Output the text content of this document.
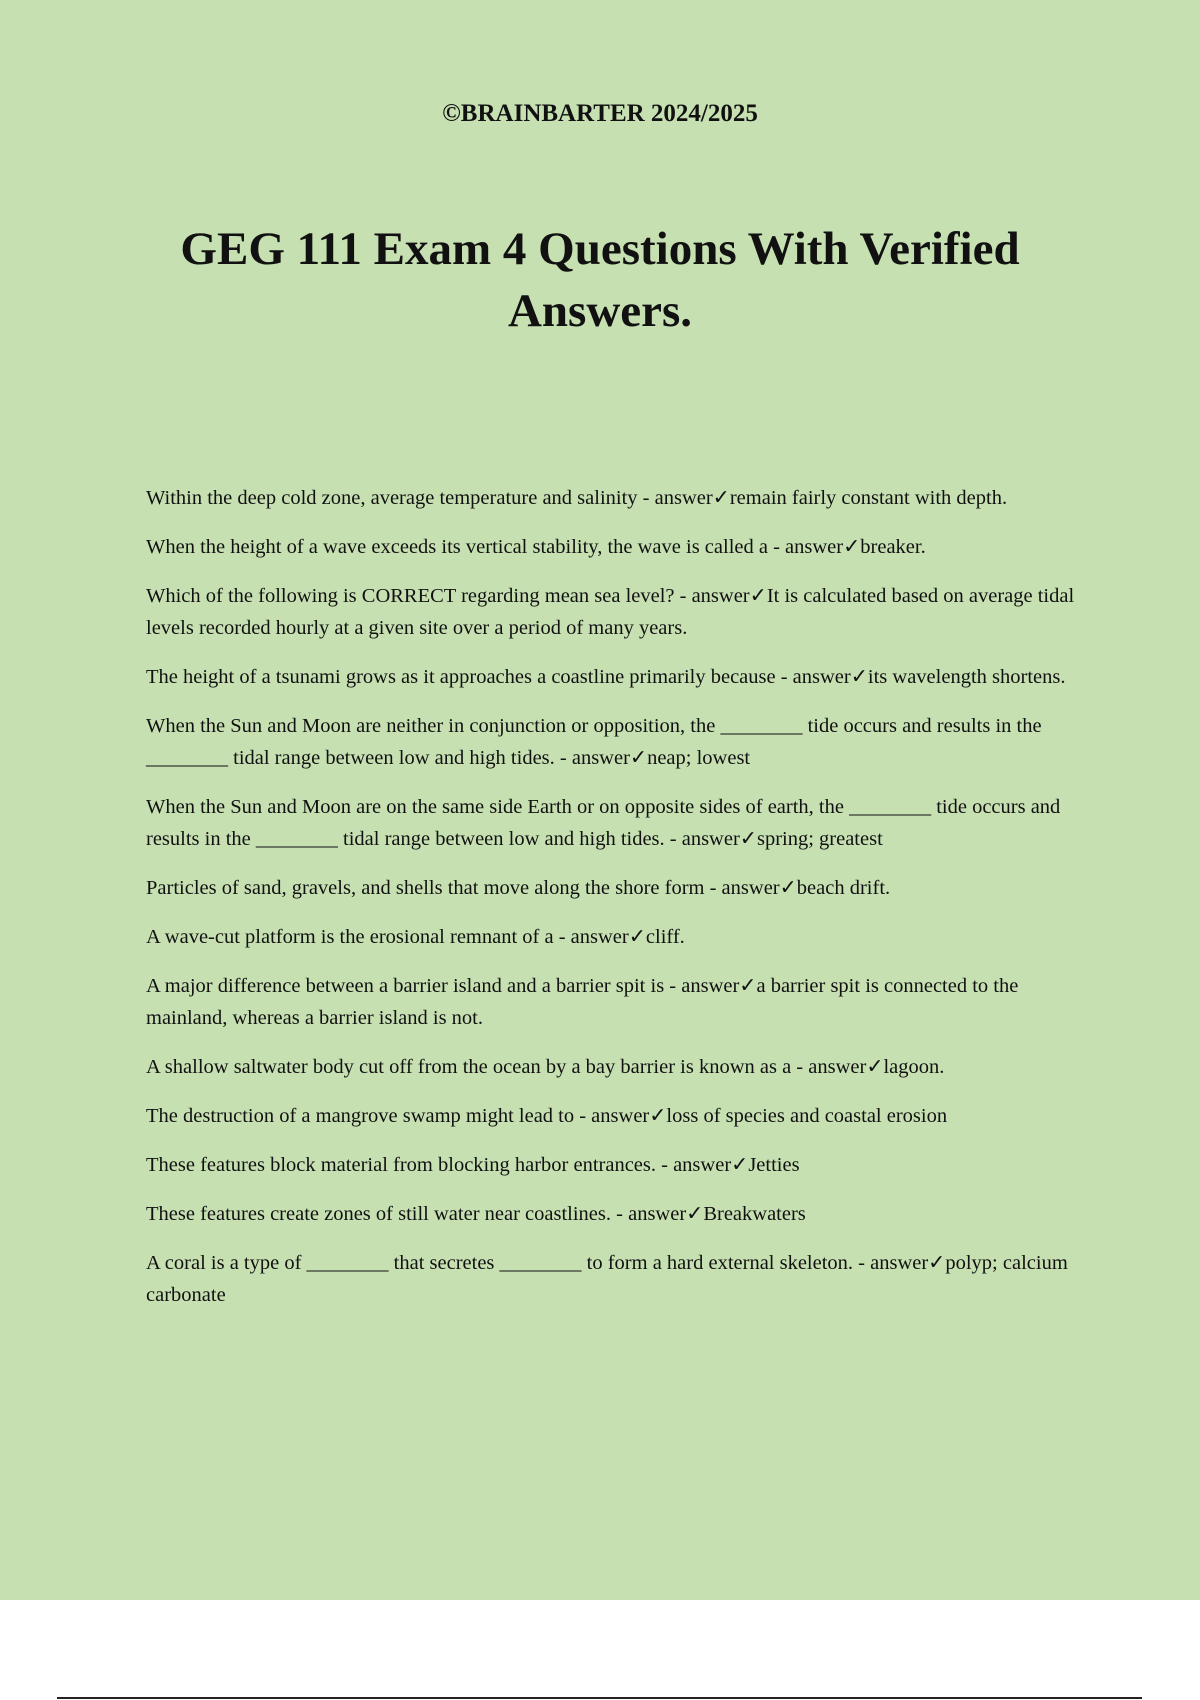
©BRAINBARTER 2024/2025
GEG 111 Exam 4 Questions With Verified Answers.

Within the deep cold zone, average temperature and salinity - answer✓remain fairly constant with depth.

When the height of a wave exceeds its vertical stability, the wave is called a - answer✓breaker.

Which of the following is CORRECT regarding mean sea level? - answer✓It is calculated based on average tidal levels recorded hourly at a given site over a period of many years.

The height of a tsunami grows as it approaches a coastline primarily because - answer✓its wavelength shortens.

When the Sun and Moon are neither in conjunction or opposition, the ________ tide occurs and results in the ________ tidal range between low and high tides. - answer✓neap; lowest

When the Sun and Moon are on the same side Earth or on opposite sides of earth, the ________ tide occurs and results in the ________ tidal range between low and high tides. - answer✓spring; greatest

Particles of sand, gravels, and shells that move along the shore form - answer✓beach drift.

A wave-cut platform is the erosional remnant of a - answer✓cliff.

A major difference between a barrier island and a barrier spit is - answer✓a barrier spit is connected to the mainland, whereas a barrier island is not.

A shallow saltwater body cut off from the ocean by a bay barrier is known as a - answer✓lagoon.

The destruction of a mangrove swamp might lead to - answer✓loss of species and coastal erosion

These features block material from blocking harbor entrances. - answer✓Jetties

These features create zones of still water near coastlines. - answer✓Breakwaters

A coral is a type of ________ that secretes ________ to form a hard external skeleton. - answer✓polyp; calcium carbonate
